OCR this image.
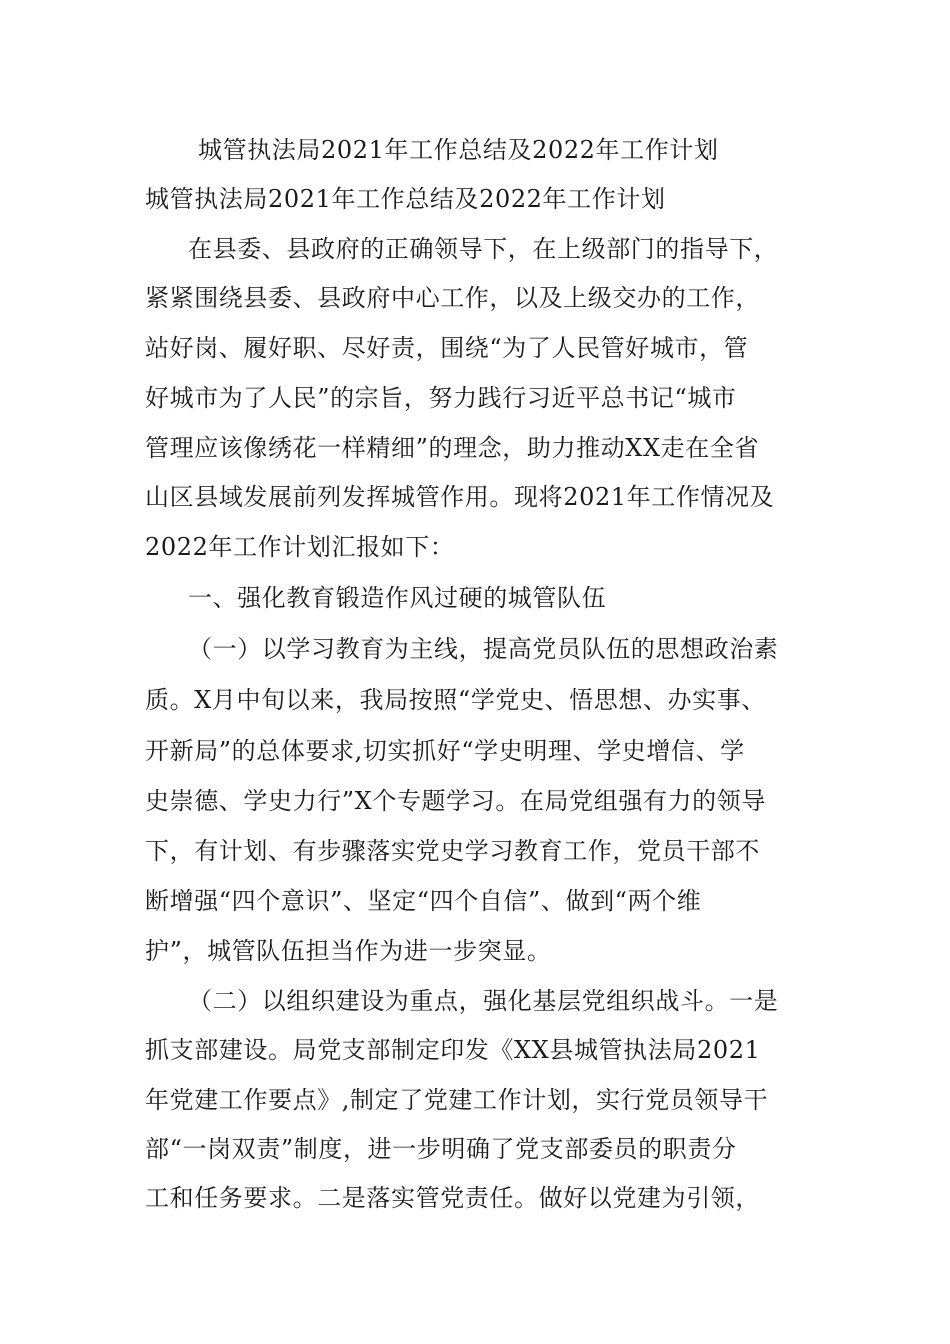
城管执法局2021年工作总结及2022年工作计划
城管执法局2021年工作总结及2022年工作计划
在县委、县政府的正确领导下，在上级部门的指导下，
紧紧围绕县委、县政府中心工作，以及上级交办的工作，
站好岗、履好职、尽好责，围绕“为了人民管好城市，管
好城市为了人民”的宗旨，努力践行习近平总书记“城市
管理应该像绣花一样精细”的理念，助力推动XX走在全省
山区县域发展前列发挥城管作用。现将2021年工作情况及
2022年工作计划汇报如下：
一、强化教育锻造作风过硬的城管队伍
（一）以学习教育为主线，提高党员队伍的思想政治素
质。X月中旬以来，我局按照“学党史、悟思想、办实事、
开新局”的总体要求,切实抓好“学史明理、学史增信、学
史崇德、学史力行”X个专题学习。在局党组强有力的领导
下，有计划、有步骤落实党史学习教育工作，党员干部不
断增强“四个意识”、坚定“四个自信”、做到“两个维
护”，城管队伍担当作为进一步突显。
（二）以组织建设为重点，强化基层党组织战斗。一是
抓支部建设。局党支部制定印发《XX县城管执法局2021
年党建工作要点》,制定了党建工作计划，实行党员领导干
部“一岗双责”制度，进一步明确了党支部委员的职责分
工和任务要求。二是落实管党责任。做好以党建为引领，
